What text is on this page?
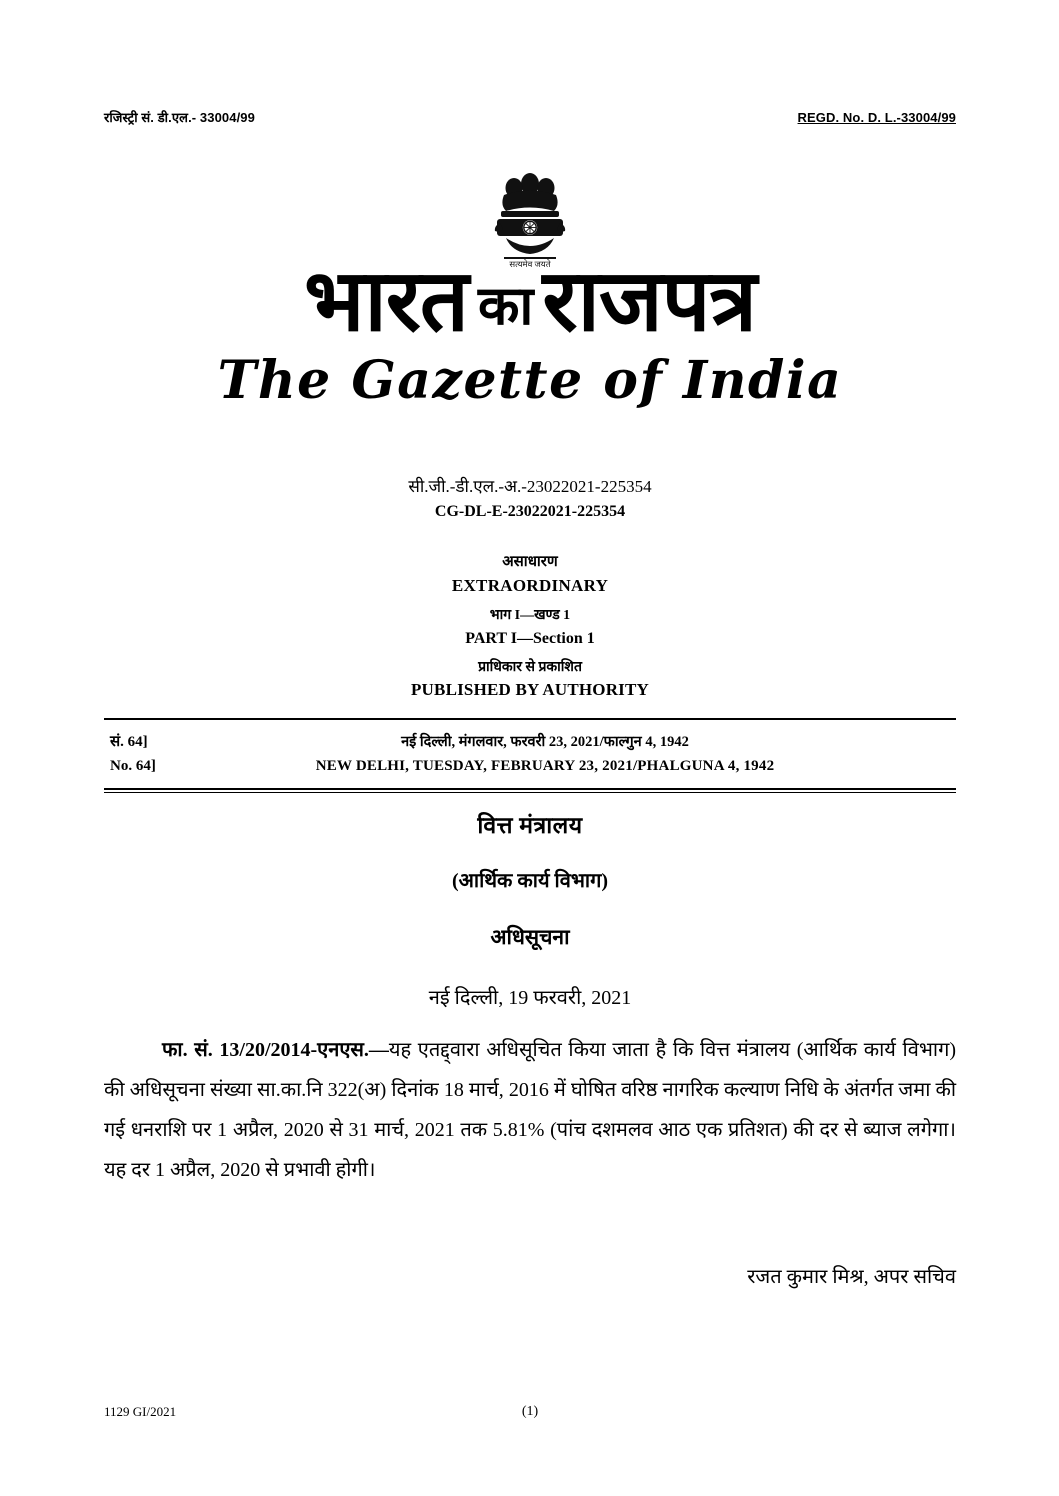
रजिस्ट्री सं. डी.एल.- 33004/99	REGD. No. D. L.-33004/99
सत्यमेव जयते
भारत का राजपत्र
The Gazette of India
सी.जी.-डी.एल.-अ.-23022021-225354
CG-DL-E-23022021-225354
असाधारण
EXTRAORDINARY
भाग I—खण्ड 1
PART I—Section 1
प्राधिकार से प्रकाशित
PUBLISHED BY AUTHORITY
सं. 64]	नई दिल्ली, मंगलवार, फरवरी 23, 2021/फाल्गुन 4, 1942
No. 64]	NEW DELHI, TUESDAY, FEBRUARY 23, 2021/PHALGUNA 4, 1942
वित्त मंत्रालय
(आर्थिक कार्य विभाग)
अधिसूचना
नई दिल्ली, 19 फरवरी, 2021
फा. सं. 13/20/2014-एनएस.—यह एतद्द्वारा अधिसूचित किया जाता है कि वित्त मंत्रालय (आर्थिक कार्य विभाग) की अधिसूचना संख्या सा.का.नि 322(अ) दिनांक 18 मार्च, 2016 में घोषित वरिष्ठ नागरिक कल्याण निधि के अंतर्गत जमा की गई धनराशि पर 1 अप्रैल, 2020 से 31 मार्च, 2021 तक 5.81% (पांच दशमलव आठ एक प्रतिशत) की दर से ब्याज लगेगा। यह दर 1 अप्रैल, 2020 से प्रभावी होगी।
रजत कुमार मिश्र, अपर सचिव
1129 GI/2021	(1)
